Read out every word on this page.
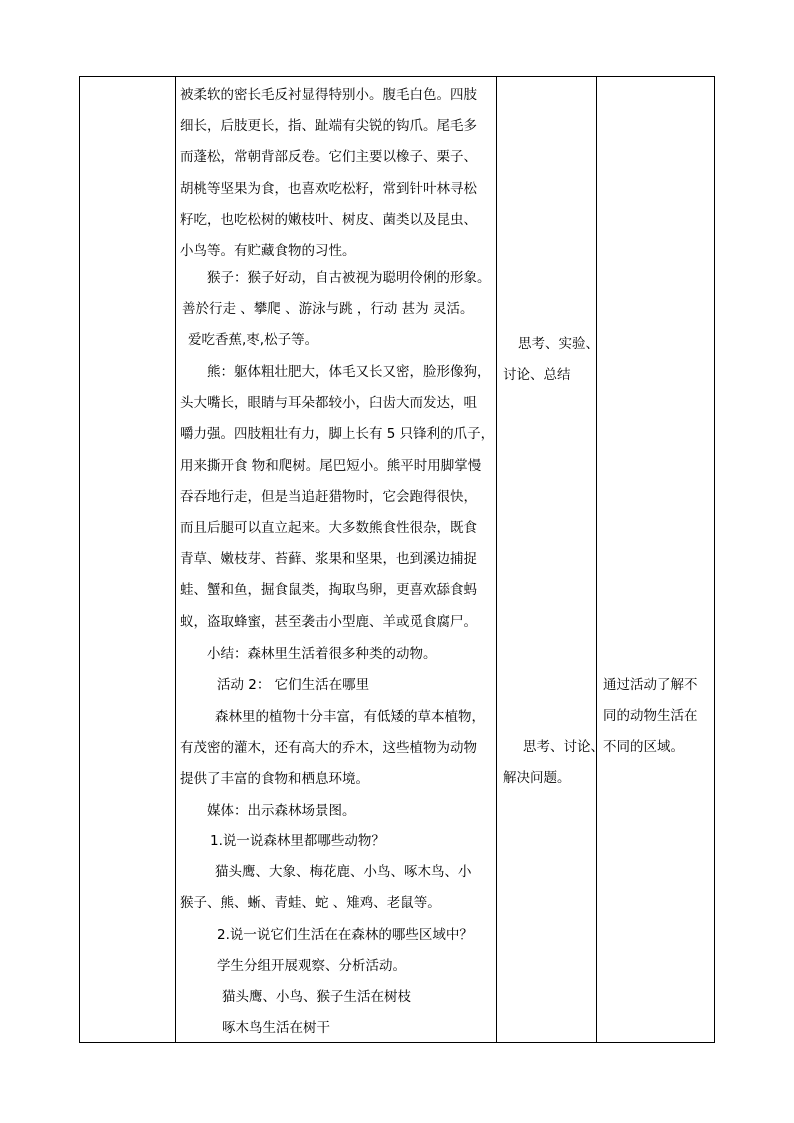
被柔软的密长毛反衬显得特别小。腹毛白色。四肢
细长，后肢更长，指、趾端有尖锐的钩爪。尾毛多
而蓬松，常朝背部反卷。它们主要以橡子、栗子、
胡桃等坚果为食，也喜欢吃松籽，常到针叶林寻松
籽吃，也吃松树的嫩枝叶、树皮、菌类以及昆虫、
小鸟等。有贮藏食物的习性。
猴子：猴子好动，自古被视为聪明伶俐的形象。
善於行走 、攀爬 、游泳与跳 ，行动 甚为 灵活。
爱吃香蕉,枣,松子等。
熊：躯体粗壮肥大，体毛又长又密，脸形像狗，
头大嘴长，眼睛与耳朵都较小，臼齿大而发达，咀
嚼力强。四肢粗壮有力，脚上长有 5 只锋利的爪子，
用来撕开食 物和爬树。尾巴短小。熊平时用脚掌慢
吞吞地行走，但是当追赶猎物时，它会跑得很快，
而且后腿可以直立起来。大多数熊食性很杂，既食
青草、嫩枝芽、苔藓、浆果和坚果，也到溪边捕捉
蛙、蟹和鱼，掘食鼠类，掏取鸟卵，更喜欢舔食蚂
蚁，盗取蜂蜜，甚至袭击小型鹿、羊或觅食腐尸。
小结：森林里生活着很多种类的动物。
活动 2： 它们生活在哪里
森林里的植物十分丰富，有低矮的草本植物，
有茂密的灌木，还有高大的乔木，这些植物为动物
提供了丰富的食物和栖息环境。
媒体：出示森林场景图。
1.说一说森林里都哪些动物？
猫头鹰、大象、梅花鹿、小鸟、啄木鸟、小
猴子、熊、蜥、青蛙、蛇 、雉鸡、老鼠等。
2.说一说它们生活在在森林的哪些区域中？
学生分组开展观察、分析活动。
猫头鹰、小鸟、猴子生活在树枝
啄木鸟生活在树干
思考、实验、
讨论、总结
思考、讨论、
解决问题。
通过活动了解不
同的动物生活在
不同的区域。
